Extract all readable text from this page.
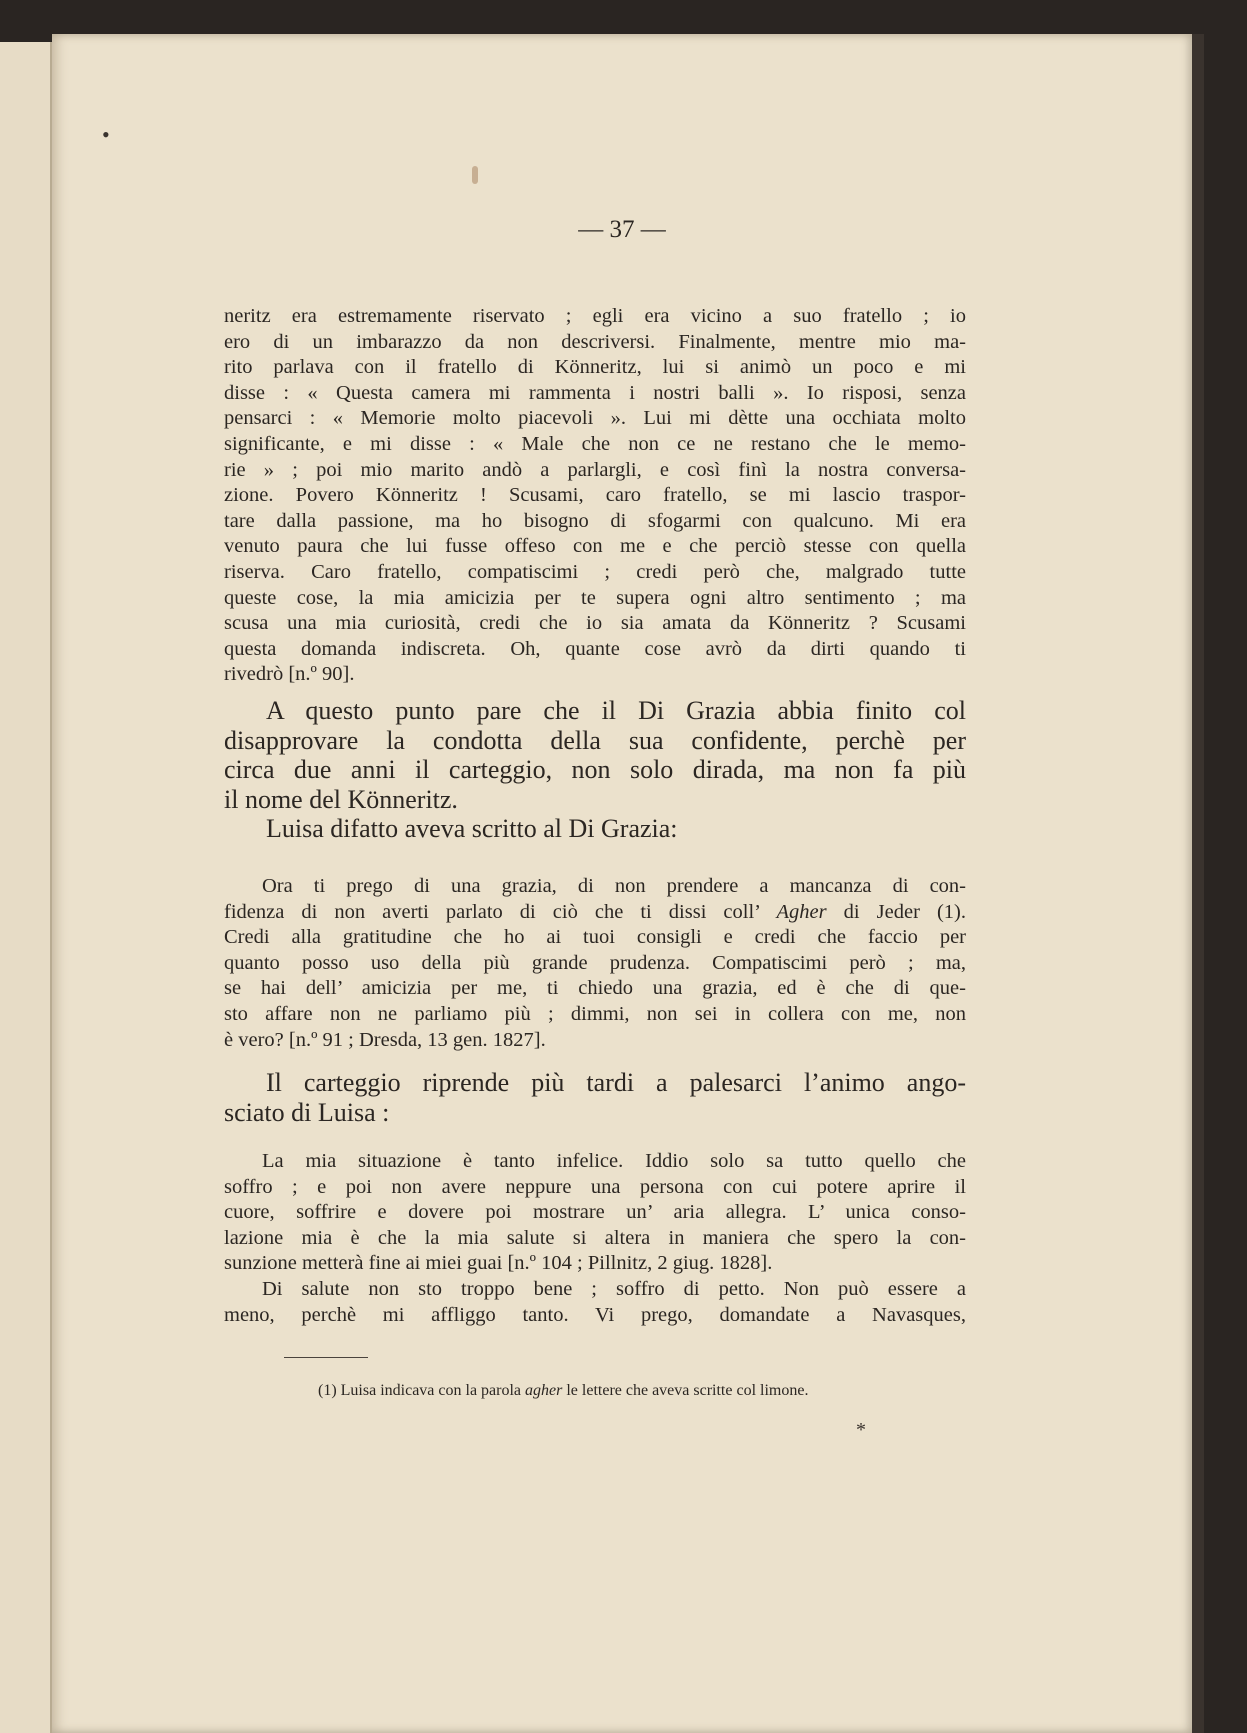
•
— 37 —
neritz era estremamente riservato ; egli era vicino a suo fratello ; io
ero di un imbarazzo da non descriversi. Finalmente, mentre mio ma-
rito parlava con il fratello di Könneritz, lui si animò un poco e mi
disse : « Questa camera mi rammenta i nostri balli ». Io risposi, senza
pensarci : « Memorie molto piacevoli ». Lui mi dètte una occhiata molto
significante, e mi disse : « Male che non ce ne restano che le memo-
rie » ; poi mio marito andò a parlargli, e così finì la nostra conversa-
zione. Povero Könneritz ! Scusami, caro fratello, se mi lascio traspor-
tare dalla passione, ma ho bisogno di sfogarmi con qualcuno. Mi era
venuto paura che lui fusse offeso con me e che perciò stesse con quella
riserva. Caro fratello, compatiscimi ; credi però che, malgrado tutte
queste cose, la mia amicizia per te supera ogni altro sentimento ; ma
scusa una mia curiosità, credi che io sia amata da Könneritz ? Scusami
questa domanda indiscreta. Oh, quante cose avrò da dirti quando ti
rivedrò [n.º 90].
A questo punto pare che il Di Grazia abbia finito col
disapprovare la condotta della sua confidente, perchè per
circa due anni il carteggio, non solo dirada, ma non fa più
il nome del Könneritz.
Luisa difatto aveva scritto al Di Grazia:
Ora ti prego di una grazia, di non prendere a mancanza di con-
fidenza di non averti parlato di ciò che ti dissi coll’ Agher di Jeder (1).
Credi alla gratitudine che ho ai tuoi consigli e credi che faccio per
quanto posso uso della più grande prudenza. Compatiscimi però ; ma,
se hai dell’ amicizia per me, ti chiedo una grazia, ed è che di que-
sto affare non ne parliamo più ; dimmi, non sei in collera con me, non
è vero? [n.º 91 ; Dresda, 13 gen. 1827].
Il carteggio riprende più tardi a palesarci l’animo ango-
sciato di Luisa :
La mia situazione è tanto infelice. Iddio solo sa tutto quello che
soffro ; e poi non avere neppure una persona con cui potere aprire il
cuore, soffrire e dovere poi mostrare un’ aria allegra. L’ unica conso-
lazione mia è che la mia salute si altera in maniera che spero la con-
sunzione metterà fine ai miei guai [n.º 104 ; Pillnitz, 2 giug. 1828].
Di salute non sto troppo bene ; soffro di petto. Non può essere a
meno, perchè mi affliggo tanto. Vi prego, domandate a Navasques,
(1) Luisa indicava con la parola agher le lettere che aveva scritte col limone.
*
